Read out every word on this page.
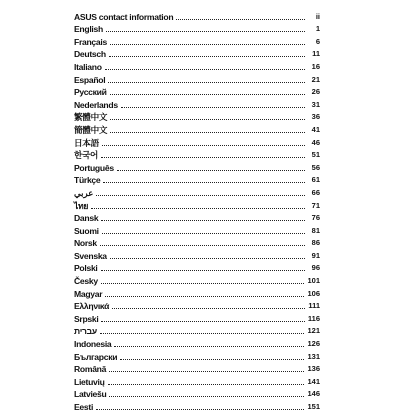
ASUS contact information	ii
English	1
Français	6
Deutsch	11
Italiano	16
Español	21
Русский	26
Nederlands	31
繁體中文	36
簡體中文	41
日本語	46
한국어	51
Português	56
Türkçe	61
عربي	66
ไทย	71
Dansk	76
Suomi	81
Norsk	86
Svenska	91
Polski	96
Česky	101
Magyar	106
Ελληνικά	111
Srpski	116
עברית	121
Indonesia	126
Български	131
Română	136
Lietuvių	141
Latviešu	146
Eesti	151
